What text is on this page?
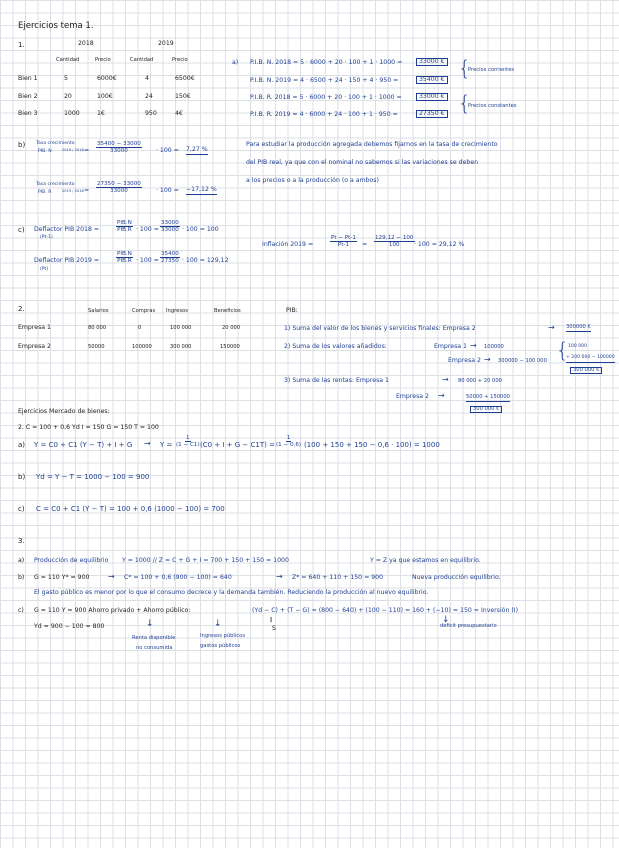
Ejercicios tema 1.
1.	2018	2019
Cantidad	Precio	Cantidad	Precio
Bien 1	5	6000€	4	6500€
Bien 2	20	100€	24	150€
Bien 3	1000	1€	950	4€
a) P.I.B. N. 2018 = 5 · 6000 + 20 · 100 + 1 · 1000 =	33000 €
P.I.B. N. 2019 = 4 · 6500 + 24 · 150 + 4 · 950 =	35400 € {
Precios corrientes
P.I.B. R. 2018 = 5 · 6000 + 20 · 100 + 1 · 1000 =	33000 €
P.I.B. R. 2019 = 4 · 6000 + 24 · 100 + 1 · 950 =	27350 € {
Precios constantes
b) Tasa crecimiento
PIB. N	$2019 / 2018 = \frac{35400 - 33000}{33000} \cdot 100 = 7,27$ %
Tasa crecimiento
PIB. R	$2019 / 2018 = \frac{27350 - 33000}{33000} \cdot 100 = -17,12$ %
Para estudiar la producción agregada debemos fijarnos en la tasa de crecimiento
del PIB real, ya que con el nominal no sabemos si las variaciones se deben
a los precios o a la producción (o a ambos)
c) Deflactor PIB 2018 =
(Pt-1)
PIB.N
$PIB.R \cdot 100 = \frac{33000}{33000} \cdot 100 = 100$
Deflactor PIB 2019 =
(Pt)
PIB.N
$PIB.R \cdot 100 = \frac{35400}{27350} \cdot 100 = 129,12$
Inflación 2019 =	$\frac{Pt - Pt-1}{Pt-1} = \frac{129,12 - 100}{100} \cdot 100 = 29,12$ %
2.	Salarios	Compras Ingresos	Beneficios
Empresa 1	80 000	0	100 000	20 000
Empresa 2	50000	100000	300 000	150000
PIB:
1) Suma del valor de los bienes y servicios finales: Empresa 2	→ 300000 €
2) Suma de los valores añadidos:	Empresa 1 → 100000
Empresa 2 → 300000 − 100 000 { 100 000
+ 200 000 − 100000
300 000 €
3) Suma de las rentas: Empresa 1	→ 80 000 + 20 000
Empresa 2 →	50000 + 150000
300 000 €
Ejercicios Mercado de bienes:
2. C = 100 + 0,6 Yd I = 150 G = 150 T = 100
a) Y = C0 + C1 $(Y - T) + I + G \to Y = \frac{1}{(1 - C1)} (C0 + I + G - C1T) = \frac{1}{(1 - 0,6)} (100 + 150 + 150 - 0,6 \cdot 100) = 1000$
b) Yd = Y − T = 1000 − 100 = 900
c) C = C0 + C1 (Y − T) = 100 + 0,6 (1000 − 100) = 700
3.
a) Producción de equilibrio Y = 1000 // Z = C + G + I = 700 + 150 + 150 = 1000	Y = Z ya que estamos en equilibrio.
b) G = 110 Y* = 900 → C* = 100 + 0,6 (900 − 100) = 640	→ Z* = 640 + 110 + 150 = 900	Nueva producción equilibrio.
El gasto público es menor por lo que el consumo decrece y la demanda también. Reduciendo la producción al nuevo equilibrio.
c) G = 110 Y = 900 Ahorro privado + Ahorro público:	(Yd − C) + (T − G) = (800 − 640) + (100 − 110) = 160 + (−10) = 150 = Inversión (I)
Yd = 900 − 100 = 800	S
‖
↓
Renta disponible
no consumida
↓
Ingresos públicos
gastos públicos
↓
déficit presupuestario
